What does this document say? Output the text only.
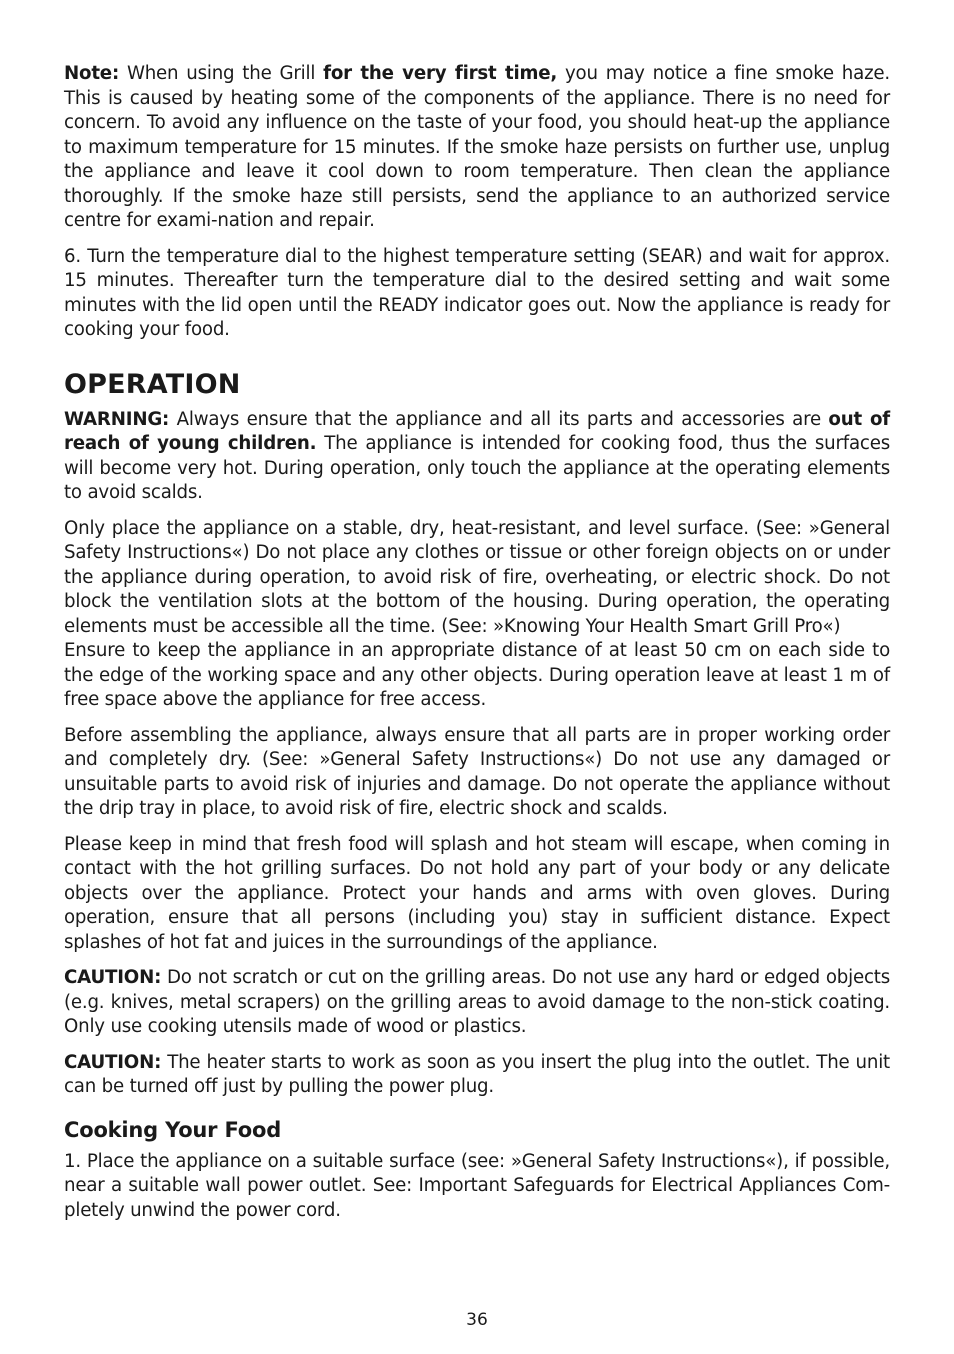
Note: When using the Grill for the very first time, you may notice a fine smoke haze. This is caused by heating some of the components of the appliance. There is no need for concern. To avoid any influence on the taste of your food, you should heat-up the appliance to maximum temperature for 15 minutes. If the smoke haze persists on further use, unplug the appliance and leave it cool down to room temperature. Then clean the appliance thoroughly. If the smoke haze still persists, send the appliance to an authorized service centre for exami-nation and repair.

6. Turn the temperature dial to the highest temperature setting (SEAR) and wait for approx. 15 minutes. Thereafter turn the temperature dial to the desired setting and wait some minutes with the lid open until the READY indicator goes out. Now the appliance is ready for cooking your food.

OPERATION

WARNING: Always ensure that the appliance and all its parts and accessories are out of reach of young children. The appliance is intended for cooking food, thus the surfaces will become very hot. During operation, only touch the appliance at the operating elements to avoid scalds.

Only place the appliance on a stable, dry, heat-resistant, and level surface. (See: »General Safety Instructions«) Do not place any clothes or tissue or other foreign objects on or under the appliance during operation, to avoid risk of fire, overheating, or electric shock. Do not block the ventilation slots at the bottom of the housing. During operation, the operating elements must be accessible all the time. (See: »Knowing Your Health Smart Grill Pro«)

Ensure to keep the appliance in an appropriate distance of at least 50 cm on each side to the edge of the working space and any other objects. During operation leave at least 1 m of free space above the appliance for free access.

Before assembling the appliance, always ensure that all parts are in proper working order and completely dry. (See: »General Safety Instructions«) Do not use any damaged or unsuitable parts to avoid risk of injuries and damage. Do not operate the appliance without the drip tray in place, to avoid risk of fire, electric shock and scalds.

Please keep in mind that fresh food will splash and hot steam will escape, when coming in contact with the hot grilling surfaces. Do not hold any part of your body or any delicate objects over the appliance. Protect your hands and arms with oven gloves. During operation, ensure that all persons (including you) stay in sufficient distance. Expect splashes of hot fat and juices in the surroundings of the appliance.

CAUTION: Do not scratch or cut on the grilling areas. Do not use any hard or edged objects (e.g. knives, metal scrapers) on the grilling areas to avoid damage to the non-stick coating. Only use cooking utensils made of wood or plastics.

CAUTION: The heater starts to work as soon as you insert the plug into the outlet. The unit can be turned off just by pulling the power plug.

Cooking Your Food

1. Place the appliance on a suitable surface (see: »General Safety Instructions«), if possible, near a suitable wall power outlet. See: Important Safeguards for Electrical Appliances Com-pletely unwind the power cord.

36
